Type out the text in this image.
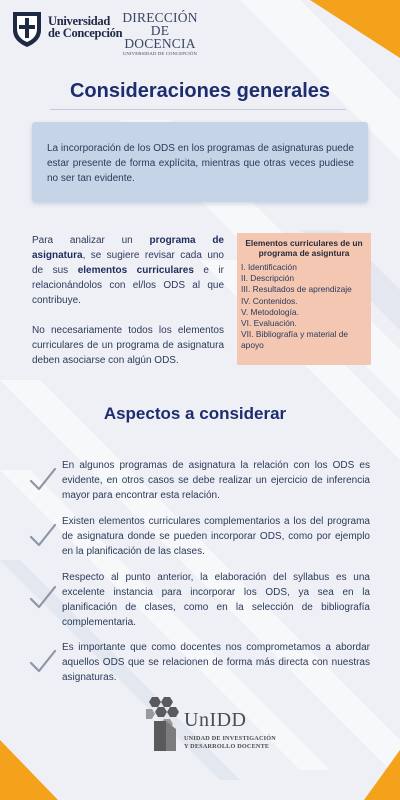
Universidad
de Concepción
DIRECCIÓN
DE DOCENCIA
UNIVERSIDAD DE CONCEPCIÓN
Consideraciones generales
La incorporación de los ODS en los programas de asignaturas puede estar presente de forma explícita, mientras que otras veces pudiese no ser tan evidente.

Para analizar un programa de asignatura, se sugiere revisar cada uno de sus elementos curriculares e ir relacionándolos con el/los ODS al que contribuye.

No necesariamente todos los elementos curriculares de un programa de asignatura deben asociarse con algún ODS.

Elementos curriculares de un programa de asigntura
I. Identificación
II. Descripción
III. Resultados de aprendizaje
IV. Contenidos.
V. Metodología.
VI. Evaluación.
VII. Bibliografía y material de apoyo
Aspectos a considerar
En algunos programas de asignatura la relación con los ODS es evidente, en otros casos se debe realizar un ejercicio de inferencia mayor para encontrar esta relación.
Existen elementos curriculares complementarios a los del programa de asignatura donde se pueden incorporar ODS, como por ejemplo en la planificación de las clases.
Respecto al punto anterior, la elaboración del syllabus es una excelente instancia para incorporar los ODS, ya sea en la planificación de clases, como en la selección de bibliografía complementaria.
Es importante que como docentes nos comprometamos a abordar aquellos ODS que se relacionen de forma más directa con nuestras asignaturas.
UnIDD
UNIDAD DE INVESTIGACIÓN
Y DESARROLLO DOCENTE
